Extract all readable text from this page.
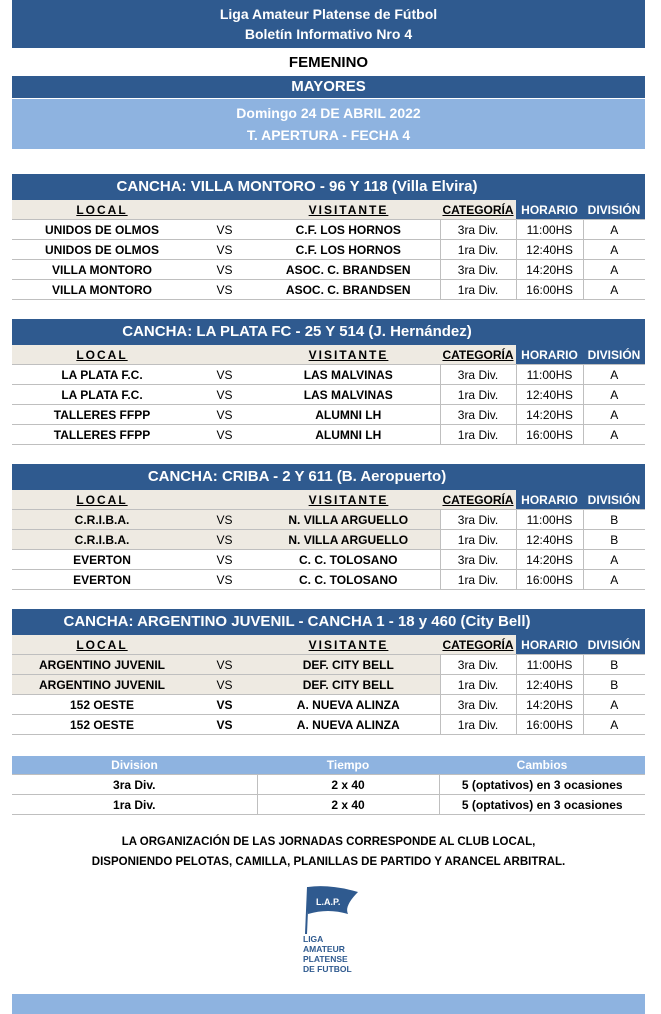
Liga Amateur Platense de Fútbol
Boletín Informativo Nro 4
FEMENINO
MAYORES
Domingo 24 DE ABRIL 2022
T. APERTURA - FECHA 4
CANCHA: VILLA MONTORO - 96 Y 118 (Villa Elvira)
LOCAL		VISITANTE	CATEGORÍA	HORARIO	DIVISIÓN
UNIDOS DE OLMOS	VS	C.F. LOS HORNOS	3ra Div.	11:00HS	A
UNIDOS DE OLMOS	VS	C.F. LOS HORNOS	1ra Div.	12:40HS	A
VILLA MONTORO	VS	ASOC. C. BRANDSEN	3ra Div.	14:20HS	A
VILLA MONTORO	VS	ASOC. C. BRANDSEN	1ra Div.	16:00HS	A
CANCHA: LA PLATA FC - 25 Y 514 (J. Hernández)
LOCAL		VISITANTE	CATEGORÍA	HORARIO	DIVISIÓN
LA PLATA F.C.	VS	LAS MALVINAS	3ra Div.	11:00HS	A
LA PLATA F.C.	VS	LAS MALVINAS	1ra Div.	12:40HS	A
TALLERES FFPP	VS	ALUMNI LH	3ra Div.	14:20HS	A
TALLERES FFPP	VS	ALUMNI LH	1ra Div.	16:00HS	A
CANCHA: CRIBA - 2 Y 611 (B. Aeropuerto)
LOCAL		VISITANTE	CATEGORÍA	HORARIO	DIVISIÓN
C.R.I.B.A.	VS	N. VILLA ARGUELLO	3ra Div.	11:00HS	B
C.R.I.B.A.	VS	N. VILLA ARGUELLO	1ra Div.	12:40HS	B
EVERTON	VS	C. C. TOLOSANO	3ra Div.	14:20HS	A
EVERTON	VS	C. C. TOLOSANO	1ra Div.	16:00HS	A
CANCHA: ARGENTINO JUVENIL - CANCHA 1 - 18 y 460 (City Bell)
LOCAL		VISITANTE	CATEGORÍA	HORARIO	DIVISIÓN
ARGENTINO JUVENIL	VS	DEF. CITY BELL	3ra Div.	11:00HS	B
ARGENTINO JUVENIL	VS	DEF. CITY BELL	1ra Div.	12:40HS	B
152 OESTE	VS	A. NUEVA ALINZA	3ra Div.	14:20HS	A
152 OESTE	VS	A. NUEVA ALINZA	1ra Div.	16:00HS	A
Division	Tiempo	Cambios
3ra Div.	2 x 40	5 (optativos) en 3 ocasiones
1ra Div.	2 x 40	5 (optativos) en 3 ocasiones
LA ORGANIZACIÓN DE LAS JORNADAS CORRESPONDE AL CLUB LOCAL,
DISPONIENDO PELOTAS, CAMILLA, PLANILLAS DE PARTIDO Y ARANCEL ARBITRAL.
L.A.P.
LIGA
AMATEUR
PLATENSE
DE FUTBOL
